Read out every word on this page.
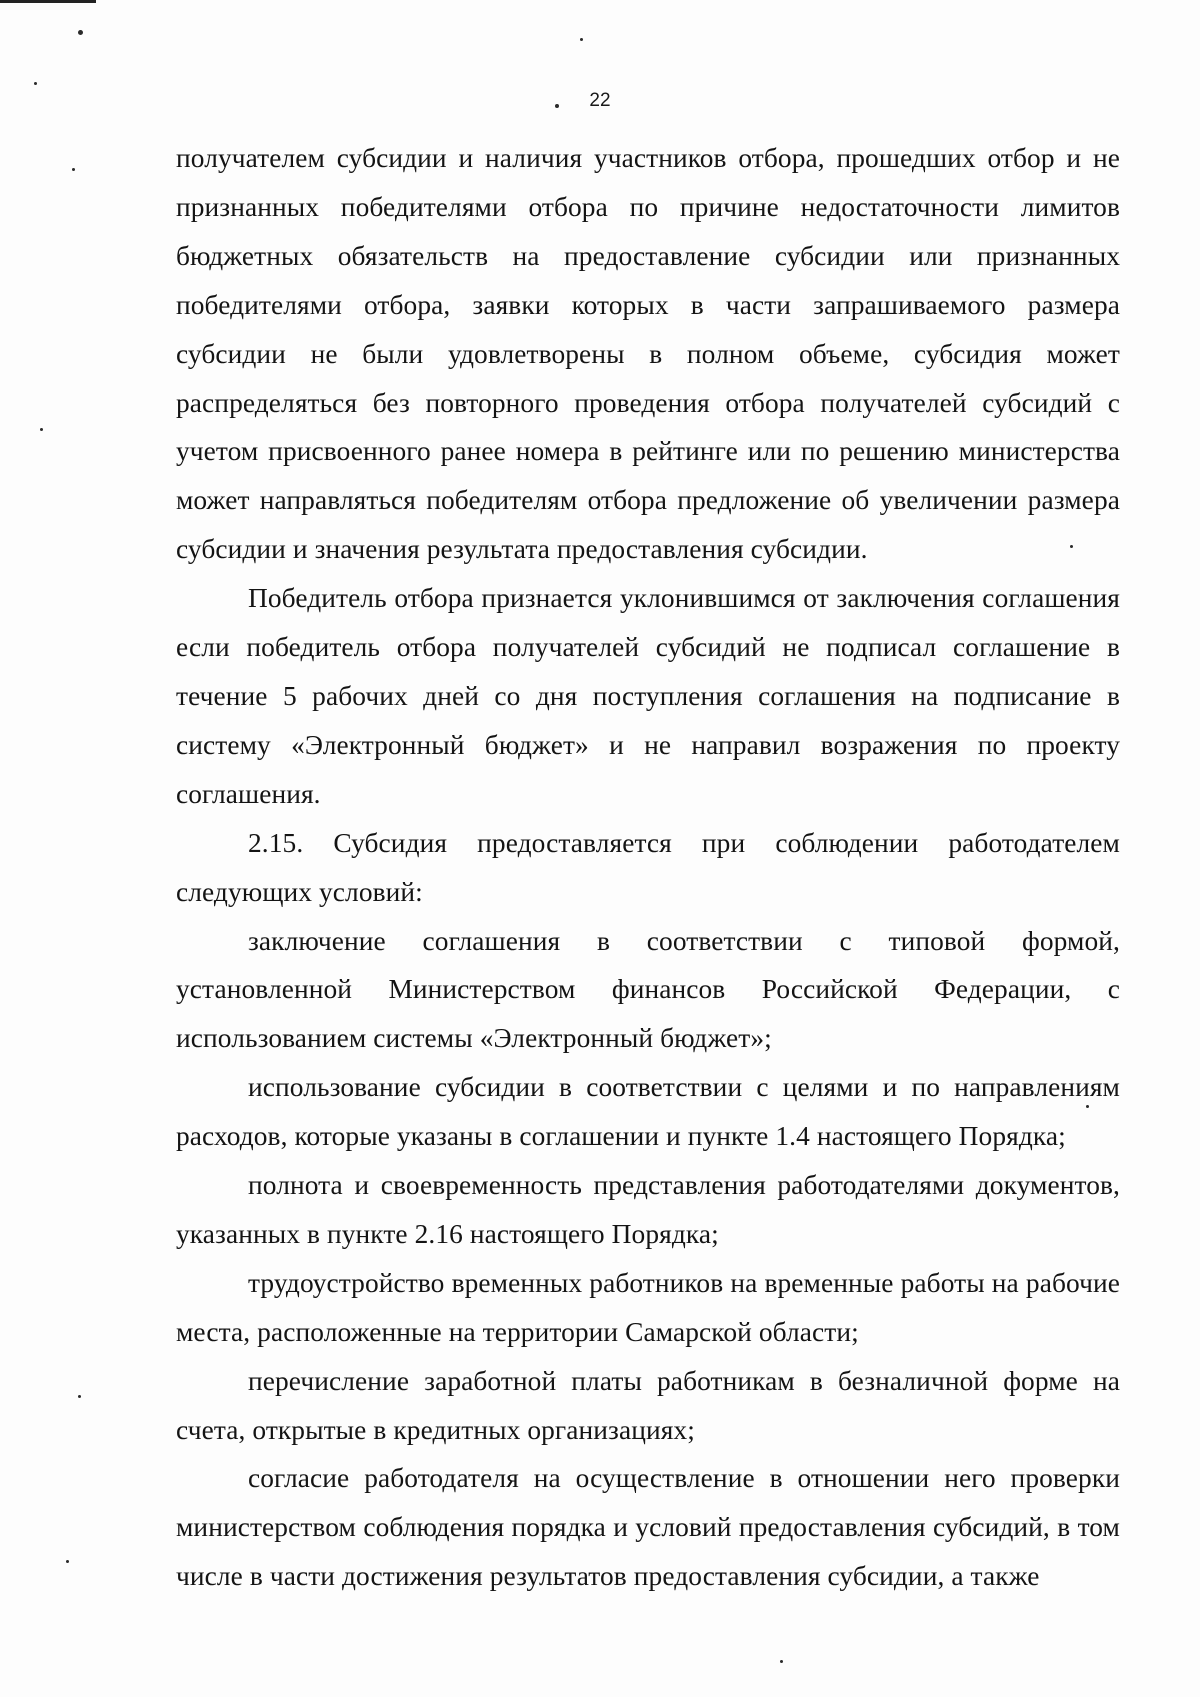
22

получателем субсидии и наличия участников отбора, прошедших отбор и не признанных победителями отбора по причине недостаточности лимитов бюджетных обязательств на предоставление субсидии или признанных победителями отбора, заявки которых в части запрашиваемого размера субсидии не были удовлетворены в полном объеме, субсидия может распределяться без повторного проведения отбора получателей субсидий с учетом присвоенного ранее номера в рейтинге или по решению министерства может направляться победителям отбора предложение об увеличении размера субсидии и значения результата предоставления субсидии.

Победитель отбора признается уклонившимся от заключения соглашения если победитель отбора получателей субсидий не подписал соглашение в течение 5 рабочих дней со дня поступления соглашения на подписание в систему «Электронный бюджет» и не направил возражения по проекту соглашения.

2.15. Субсидия предоставляется при соблюдении работодателем следующих условий:

заключение соглашения в соответствии с типовой формой, установленной Министерством финансов Российской Федерации, с использованием системы «Электронный бюджет»;

использование субсидии в соответствии с целями и по направлениям расходов, которые указаны в соглашении и пункте 1.4 настоящего Порядка;

полнота и своевременность представления работодателями документов, указанных в пункте 2.16 настоящего Порядка;

трудоустройство временных работников на временные работы на рабочие места, расположенные на территории Самарской области;

перечисление заработной платы работникам в безналичной форме на счета, открытые в кредитных организациях;

согласие работодателя на осуществление в отношении него проверки министерством соблюдения порядка и условий предоставления субсидий, в том числе в части достижения результатов предоставления субсидии, а также
